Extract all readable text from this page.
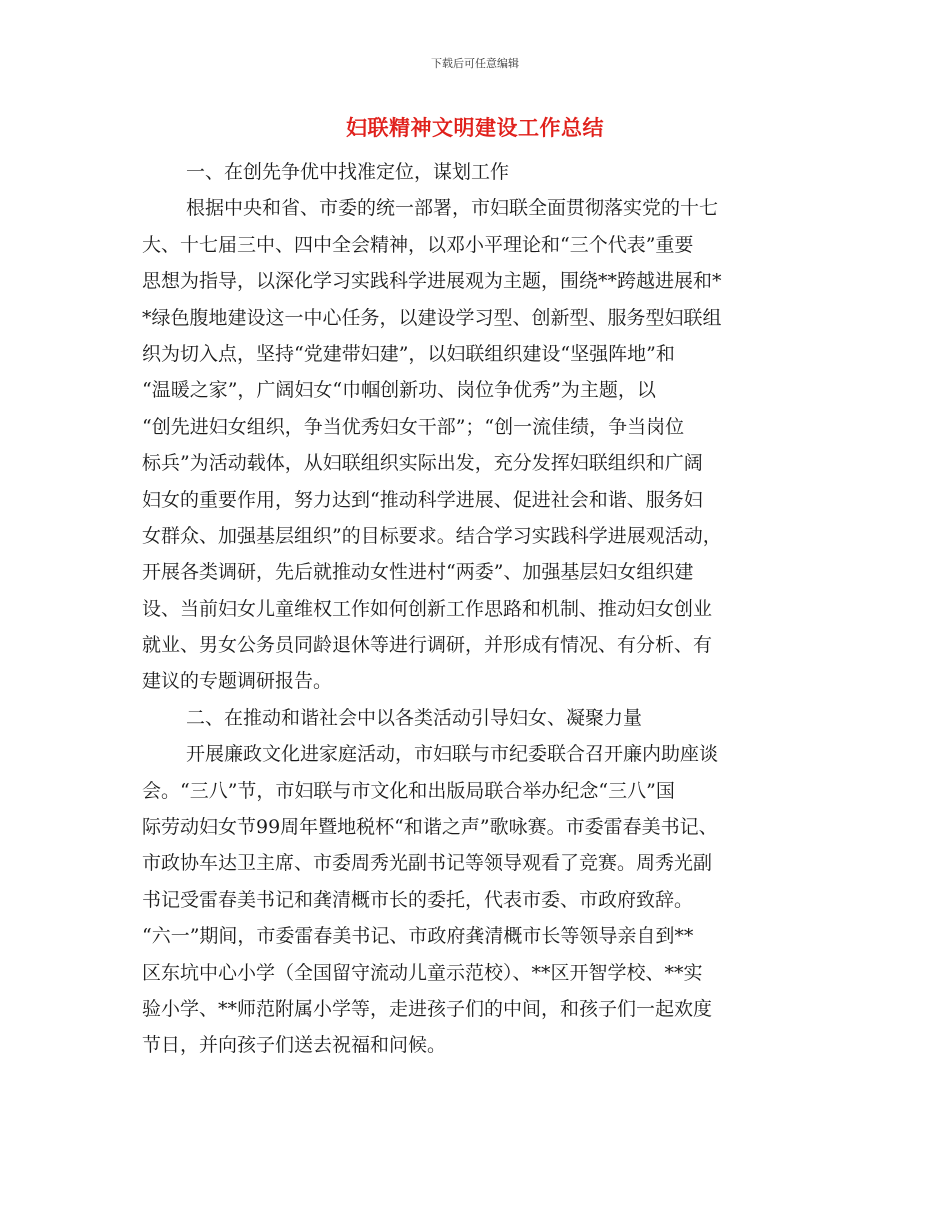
下载后可任意编辑
妇联精神文明建设工作总结
一、在创先争优中找准定位，谋划工作
根据中央和省、市委的统一部署，市妇联全面贯彻落实党的十七
大、十七届三中、四中全会精神，以邓小平理论和“三个代表”重要
思想为指导，以深化学习实践科学进展观为主题，围绕**跨越进展和*
*绿色腹地建设这一中心任务，以建设学习型、创新型、服务型妇联组
织为切入点，坚持“党建带妇建”，以妇联组织建设“坚强阵地”和
“温暖之家”，广阔妇女“巾帼创新功、岗位争优秀”为主题，以
“创先进妇女组织，争当优秀妇女干部”；“创一流佳绩，争当岗位
标兵”为活动载体，从妇联组织实际出发，充分发挥妇联组织和广阔
妇女的重要作用，努力达到“推动科学进展、促进社会和谐、服务妇
女群众、加强基层组织”的目标要求。结合学习实践科学进展观活动，
开展各类调研，先后就推动女性进村“两委”、加强基层妇女组织建
设、当前妇女儿童维权工作如何创新工作思路和机制、推动妇女创业
就业、男女公务员同龄退休等进行调研，并形成有情况、有分析、有
建议的专题调研报告。
二、在推动和谐社会中以各类活动引导妇女、凝聚力量
开展廉政文化进家庭活动，市妇联与市纪委联合召开廉内助座谈
会。“三八”节，市妇联与市文化和出版局联合举办纪念“三八”国
际劳动妇女节99周年暨地税杯“和谐之声”歌咏赛。市委雷春美书记、
市政协车达卫主席、市委周秀光副书记等领导观看了竞赛。周秀光副
书记受雷春美书记和龚清概市长的委托，代表市委、市政府致辞。
“六一”期间，市委雷春美书记、市政府龚清概市长等领导亲自到**
区东坑中心小学（全国留守流动儿童示范校）、**区开智学校、**实
验小学、**师范附属小学等，走进孩子们的中间，和孩子们一起欢度
节日，并向孩子们送去祝福和问候。
